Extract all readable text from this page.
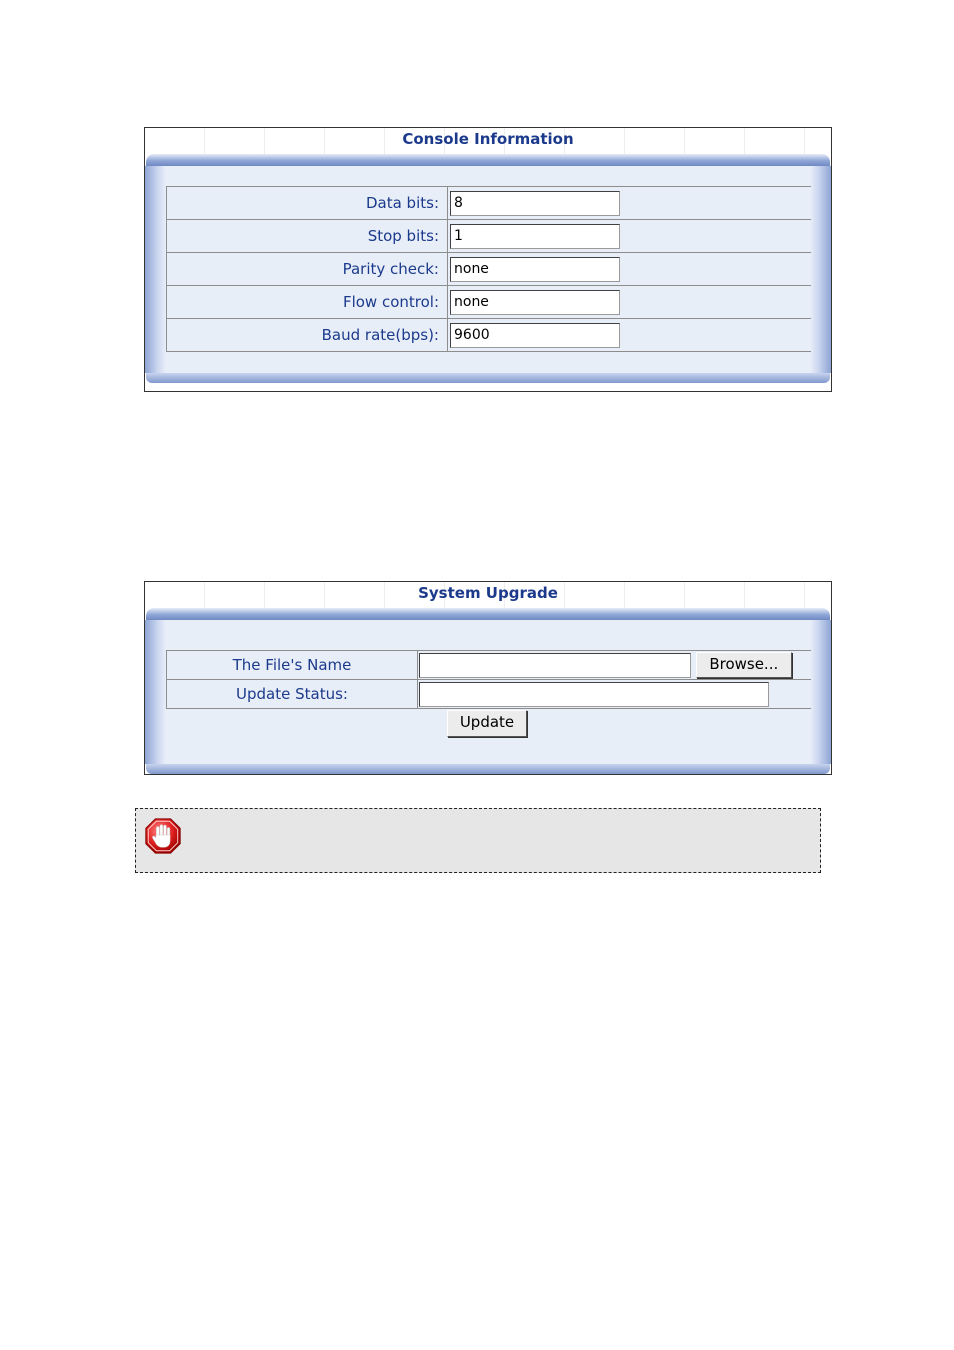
Console Information
Data bits:	8
Stop bits:	1
Parity check:	none
Flow control:	none
Baud rate(bps):	9600
System Upgrade
The File's Name	Browse...
Update Status:	
Update
